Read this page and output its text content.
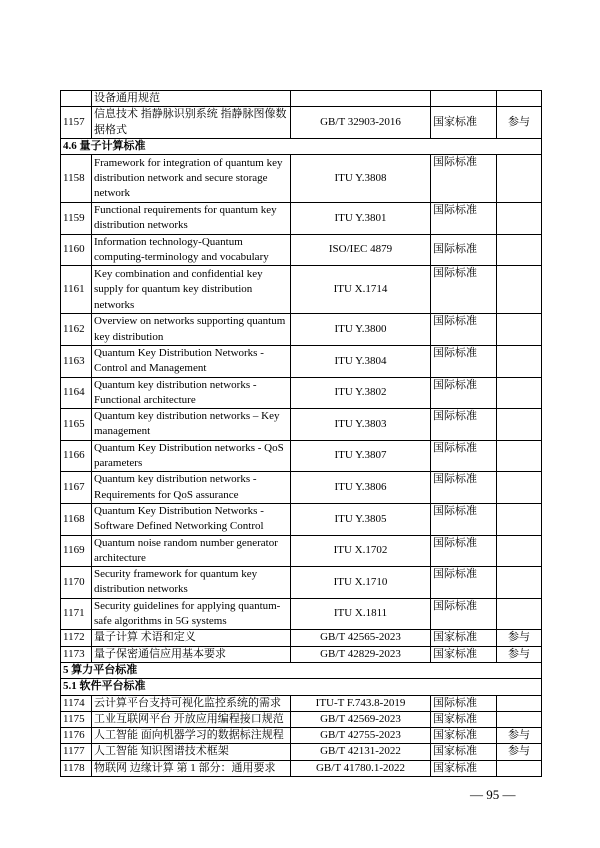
	设备通用规范			
1157	信息技术 指静脉识别系统 指静脉图像数据格式	GB/T 32903-2016	国家标准	参与
4.6 量子计算标准				
1158	Framework for integration of quantum key distribution network and secure storage network	ITU Y.3808	国际标准	
1159	Functional requirements for quantum key distribution networks	ITU Y.3801	国际标准	
1160	Information technology-Quantum computing-terminology and vocabulary	ISO/IEC 4879	国际标准	
1161	Key combination and confidential key supply for quantum key distribution networks	ITU X.1714	国际标准	
1162	Overview on networks supporting quantum key distribution	ITU Y.3800	国际标准	
1163	Quantum Key Distribution Networks - Control and Management	ITU Y.3804	国际标准	
1164	Quantum key distribution networks - Functional architecture	ITU Y.3802	国际标准	
1165	Quantum key distribution networks – Key management	ITU Y.3803	国际标准	
1166	Quantum Key Distribution networks - QoS parameters	ITU Y.3807	国际标准	
1167	Quantum key distribution networks - Requirements for QoS assurance	ITU Y.3806	国际标准	
1168	Quantum Key Distribution Networks - Software Defined Networking Control	ITU Y.3805	国际标准	
1169	Quantum noise random number generator architecture	ITU X.1702	国际标准	
1170	Security framework for quantum key distribution networks	ITU X.1710	国际标准	
1171	Security guidelines for applying quantum-safe algorithms in 5G systems	ITU X.1811	国际标准	
1172	量子计算 术语和定义	GB/T 42565-2023	国家标准	参与
1173	量子保密通信应用基本要求	GB/T 42829-2023	国家标准	参与
5 算力平台标准				
5.1 软件平台标准				
1174	云计算平台支持可视化监控系统的需求	ITU-T F.743.8-2019	国际标准	
1175	工业互联网平台 开放应用编程接口规范	GB/T 42569-2023	国家标准	
1176	人工智能 面向机器学习的数据标注规程	GB/T 42755-2023	国家标准	参与
1177	人工智能 知识图谱技术框架	GB/T 42131-2022	国家标准	参与
1178	物联网 边缘计算 第 1 部分：通用要求	GB/T 41780.1-2022	国家标准	
— 95 —
